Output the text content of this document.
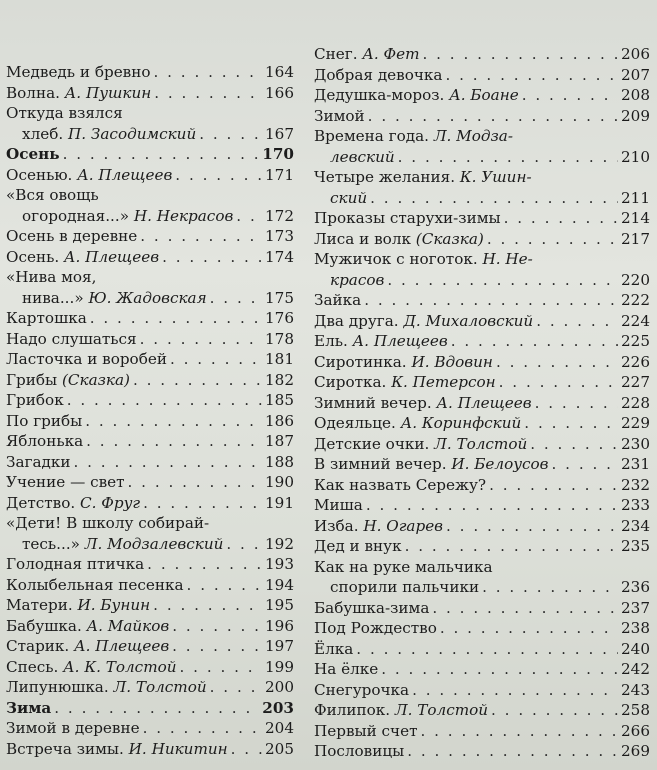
Медведь и бревно . . .	164
Волна. А. Пушкин . . .	166
Откуда взялся
хлеб. П. Засодимский . . .	167
Осень . . .	170
Осенью. А. Плещеев . . .	171
«Вся овощь
огородная...» Н. Некрасов . . . 172
Осень в деревне . . .	173
Осень. А. Плещеев . . .	174
«Нива моя,
нива...» Ю. Жадовская . . .	175
Картошка . . .	176
Надо слушаться . . .	178
Ласточка и воробей . . .	181
Грибы (Сказка) . . .	182
Грибок . . .	185
По грибы . . .	186
Яблонька . . .	187
Загадки . . .	188
Учение — свет . . .	190
Детство. С. Фруг . . .	191
«Дети! В школу собирай-
тесь...» Л. Модзалевский . . .	192
Голодная птичка . . .	193
Колыбельная песенка . . .	194
Матери. И. Бунин . . .	195
Бабушка. А. Майков . . .	196
Старик. А. Плещеев . . .	197
Спесь. А. К. Толстой . . .	199
Липунюшка. Л. Толстой . . .	200
Зима . . .	203
Зимой в деревне . . .	204
Встреча зимы. И. Никитин . . . 205
Снег. А. Фет . . .	206
Добрая девочка . . .	207
Дедушка-мороз. А. Боане . . .	208
Зимой . . .	209
Времена года. Л. Модза-
левский . . .	210
Четыре желания. К. Ушин-
ский . . .	211
Проказы старухи-зимы . . .	214
Лиса и волк (Сказка) . . .	217
Мужичок с ноготок. Н. Не-
красов . . .	220
Зайка . . .	222
Два друга. Д. Михаловский . . .	224
Ель. А. Плещеев . . .	225
Сиротинка. И. Вдовин . . .	226
Сиротка. К. Петерсон . . .	227
Зимний вечер. А. Плещеев . . .	228
Одеяльце. А. Коринфский . . .	229
Детские очки. Л. Толстой . . .	230
В зимний вечер. И. Белоусов . . .	231
Как назвать Сережу? . . .	232
Миша . . .	233
Изба. Н. Огарев . . .	234
Дед и внук . . .	235
Как на руке мальчика
спорили пальчики . . .	236
Бабушка-зима . . .	237
Под Рождество . . .	238
Ёлка . . .	240
На ёлке . . .	242
Снегурочка . . .	243
Филипок. Л. Толстой . . .	258
Первый счет . . .	266
Пословицы . . .	269
